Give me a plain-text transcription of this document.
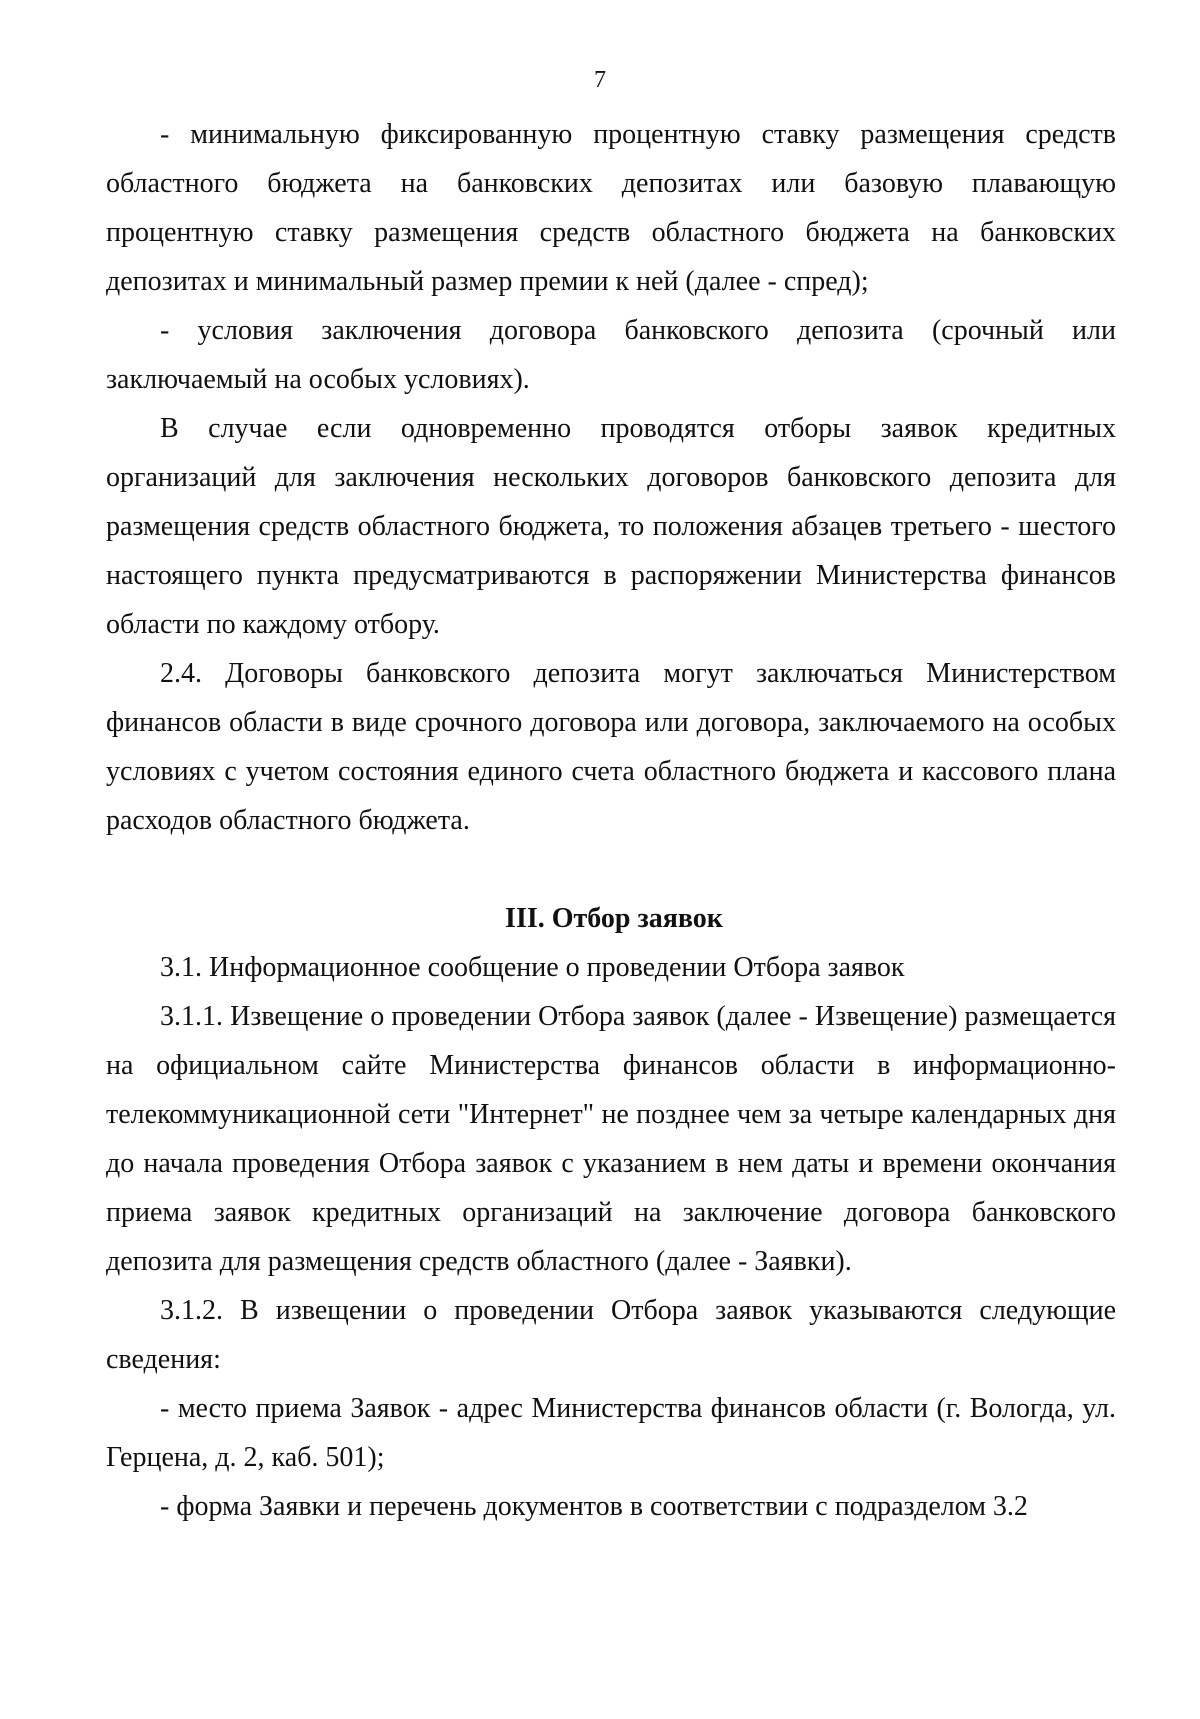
7

- минимальную фиксированную процентную ставку размещения средств областного бюджета на банковских депозитах или базовую плавающую процентную ставку размещения средств областного бюджета на банковских депозитах и минимальный размер премии к ней (далее - спред);

- условия заключения договора банковского депозита (срочный или заключаемый на особых условиях).

В случае если одновременно проводятся отборы заявок кредитных организаций для заключения нескольких договоров банковского депозита для размещения средств областного бюджета, то положения абзацев третьего - шестого настоящего пункта предусматриваются в распоряжении Министерства финансов области по каждому отбору.

2.4. Договоры банковского депозита могут заключаться Министерством финансов области в виде срочного договора или договора, заключаемого на особых условиях с учетом состояния единого счета областного бюджета и кассового плана расходов областного бюджета.

III. Отбор заявок

3.1. Информационное сообщение о проведении Отбора заявок

3.1.1. Извещение о проведении Отбора заявок (далее - Извещение) размещается на официальном сайте Министерства финансов области в информационно-телекоммуникационной сети "Интернет" не позднее чем за четыре календарных дня до начала проведения Отбора заявок с указанием в нем даты и времени окончания приема заявок кредитных организаций на заключение договора банковского депозита для размещения средств областного (далее - Заявки).

3.1.2. В извещении о проведении Отбора заявок указываются следующие сведения:

- место приема Заявок - адрес Министерства финансов области (г. Вологда, ул. Герцена, д. 2, каб. 501);

- форма Заявки и перечень документов в соответствии с подразделом 3.2
